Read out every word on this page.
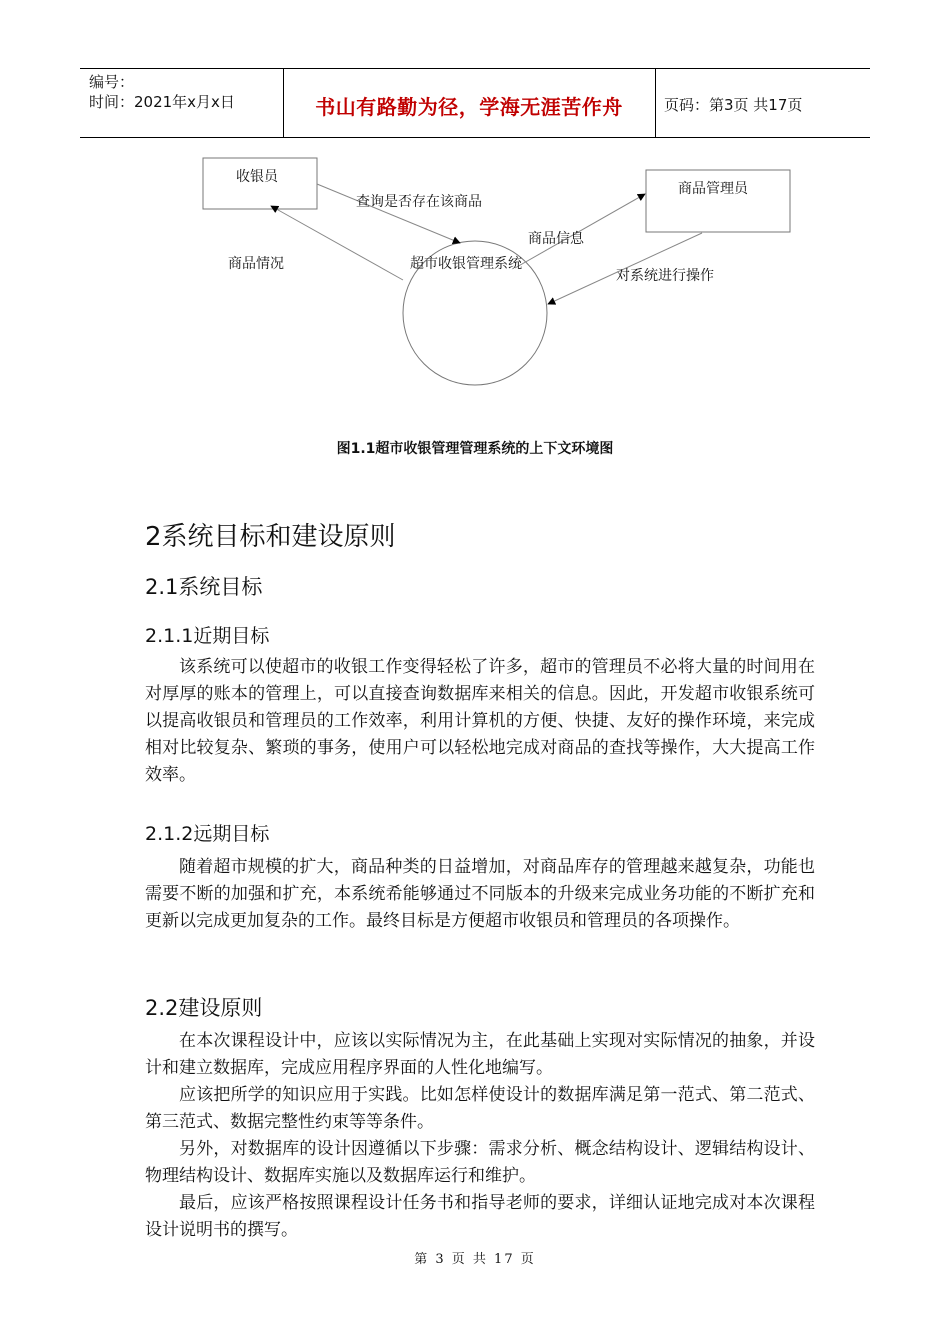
编号：
时间：2021年x月x日	书山有路勤为径，学海无涯苦作舟	页码：第3页 共17页
收银员
商品管理员
查询是否存在该商品
商品信息
商品情况	超市收银管理系统
对系统进行操作
图1.1超市收银管理管理系统的上下文环境图
2系统目标和建设原则
2.1系统目标
2.1.1近期目标

该系统可以使超市的收银工作变得轻松了许多，超市的管理员不必将大量的时间用在对厚厚的账本的管理上，可以直接查询数据库来相关的信息。因此，开发超市收银系统可以提高收银员和管理员的工作效率，利用计算机的方便、快捷、友好的操作环境，来完成相对比较复杂、繁琐的事务，使用户可以轻松地完成对商品的查找等操作，大大提高工作效率。

2.1.2远期目标

随着超市规模的扩大，商品种类的日益增加，对商品库存的管理越来越复杂，功能也需要不断的加强和扩充，本系统希能够通过不同版本的升级来完成业务功能的不断扩充和更新以完成更加复杂的工作。最终目标是方便超市收银员和管理员的各项操作。

2.2建设原则

在本次课程设计中，应该以实际情况为主，在此基础上实现对实际情况的抽象，并设计和建立数据库，完成应用程序界面的人性化地编写。

应该把所学的知识应用于实践。比如怎样使设计的数据库满足第一范式、第二范式、第三范式、数据完整性约束等等条件。

另外，对数据库的设计因遵循以下步骤：需求分析、概念结构设计、逻辑结构设计、物理结构设计、数据库实施以及数据库运行和维护。

最后，应该严格按照课程设计任务书和指导老师的要求，详细认证地完成对本次课程设计说明书的撰写。

第 3 页 共 17 页
